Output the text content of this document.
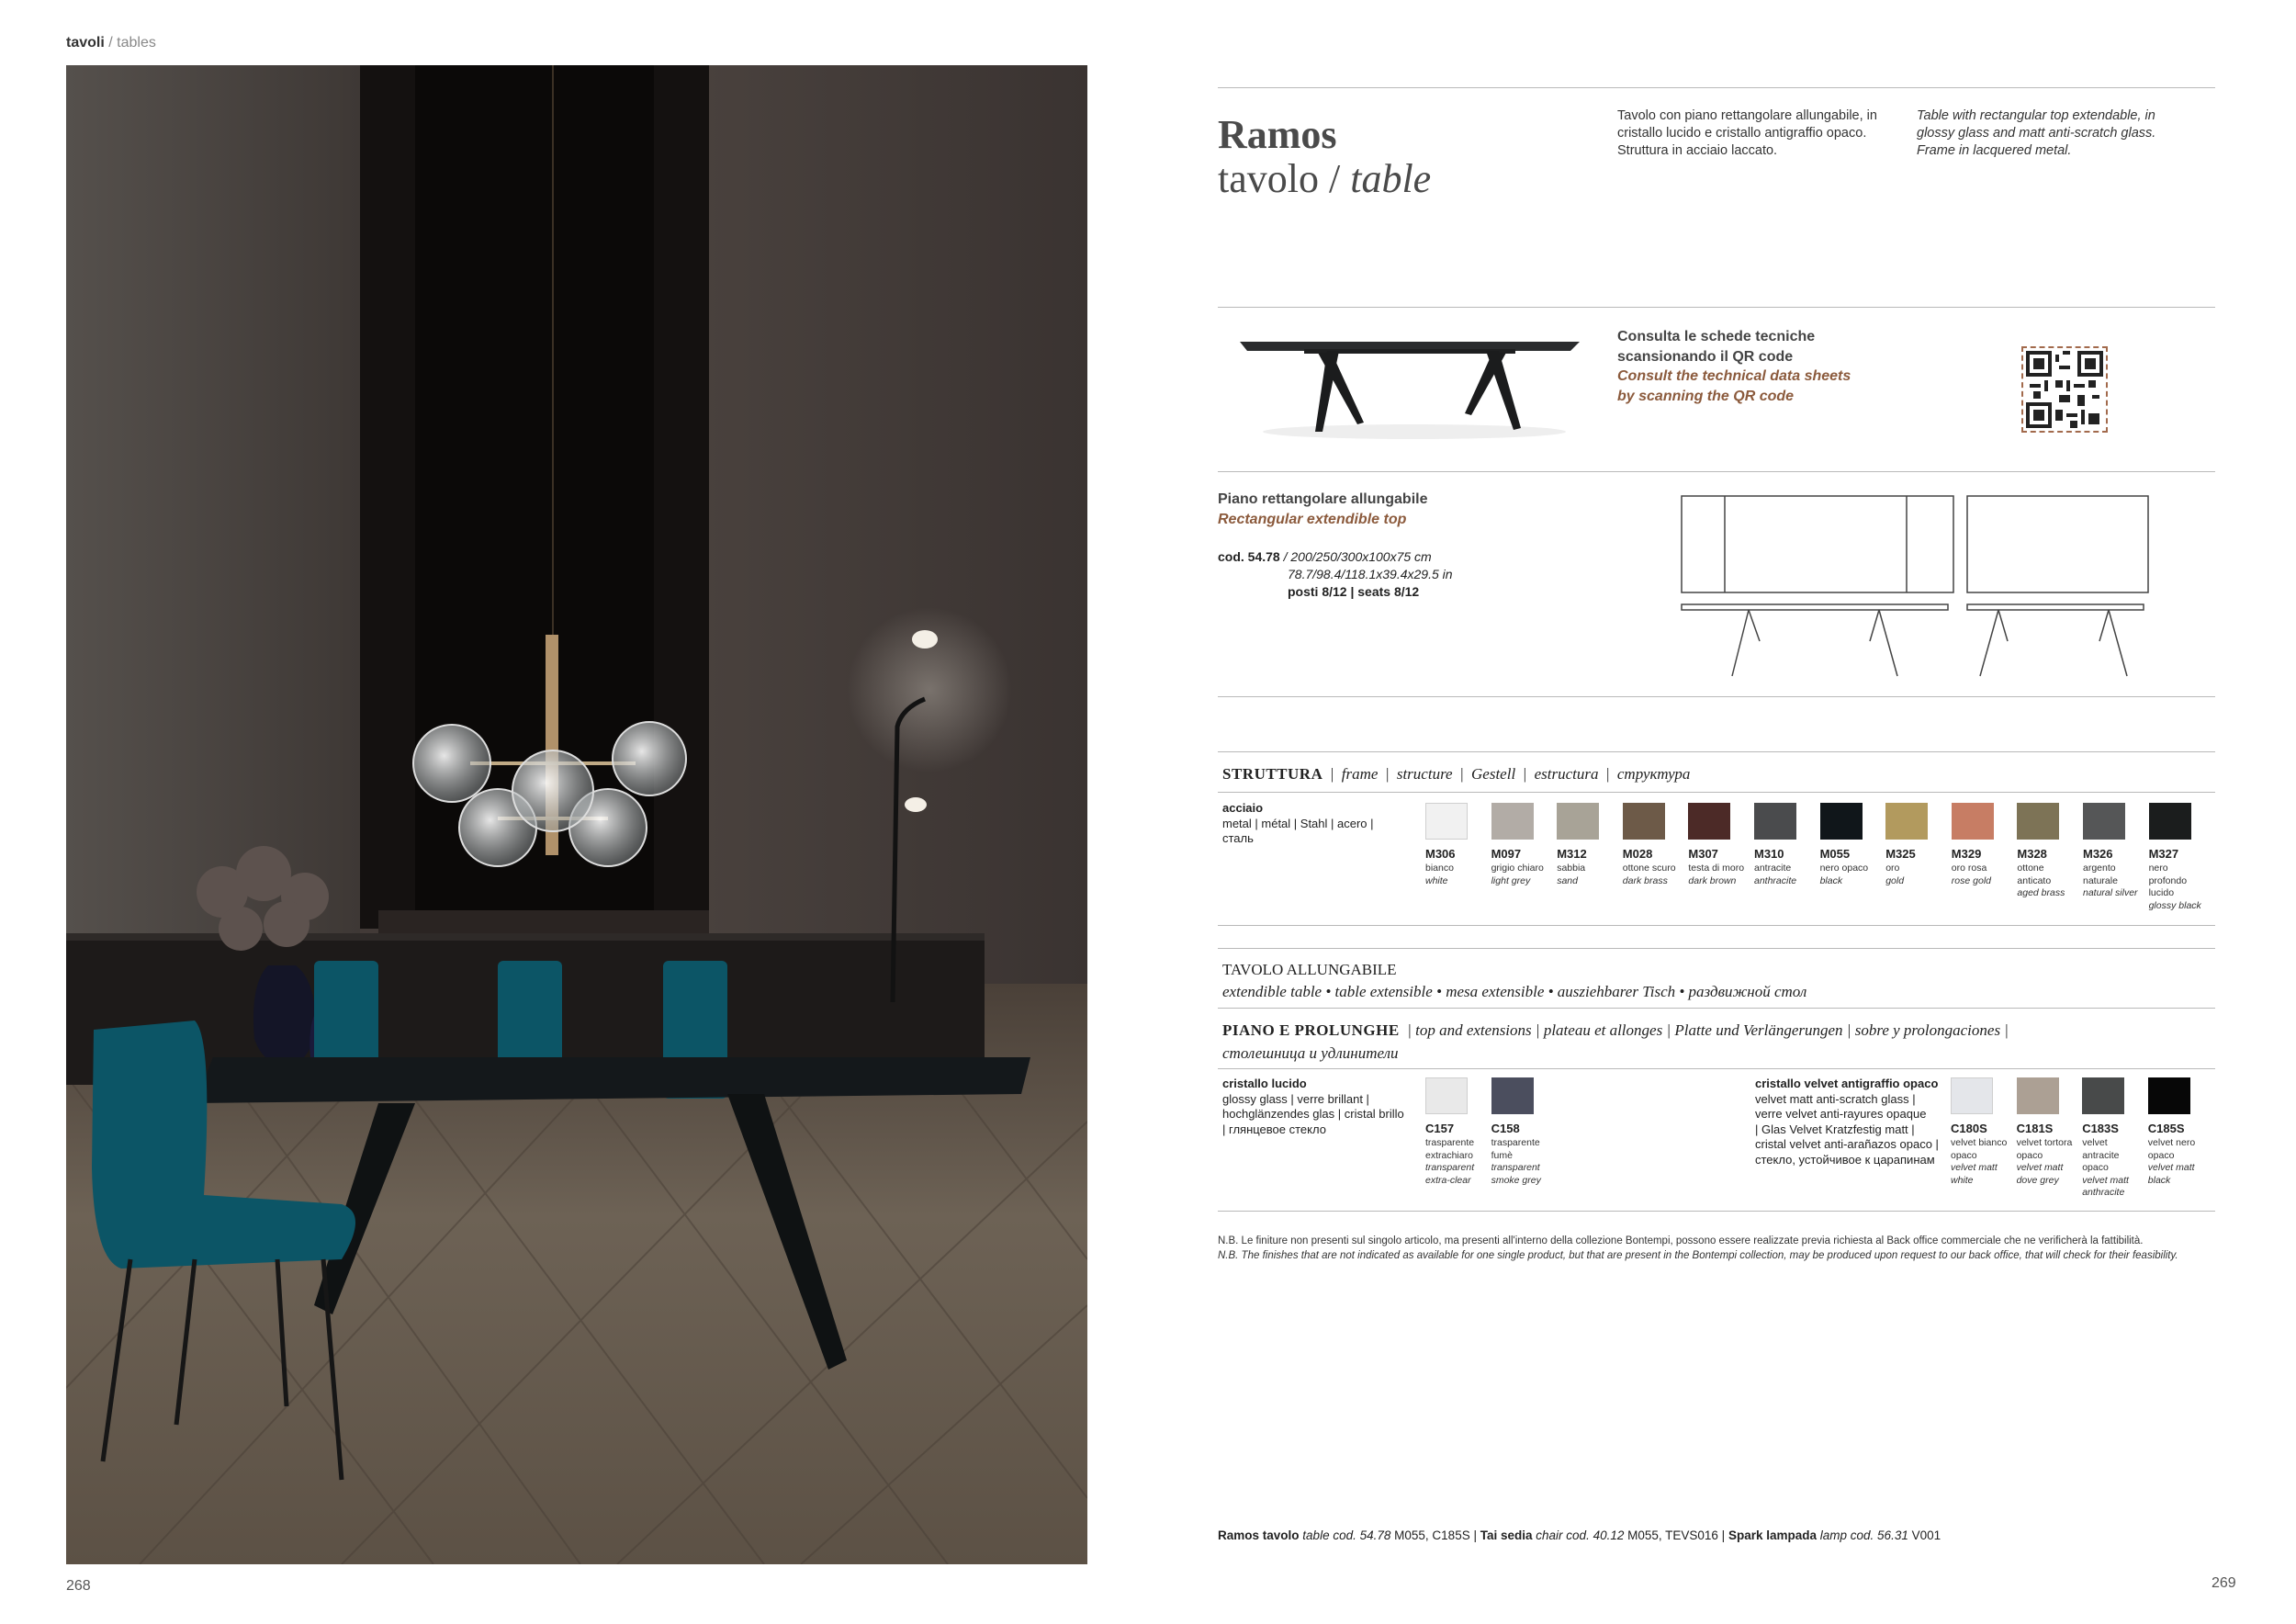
tavoli / tables
268
Ramos
tavolo / table
Tavolo con piano rettangolare allungabile, in cristallo lucido e cristallo antigraffio opaco. Struttura in acciaio laccato.
Table with rectangular top extendable, in glossy glass and matt anti-scratch glass. Frame in lacquered metal.
Consulta le schede tecniche
scansionando il QR code
Consult the technical data sheets
by scanning the QR code
Piano rettangolare allungabile
Rectangular extendible top
cod. 54.78 / 200/250/300x100x75 cm
78.7/98.4/118.1x39.4x29.5 in
posti 8/12 | seats 8/12
STRUTTURA  |  frame  |  structure  |  Gestell  |  estructura  |  структура
acciaio
metal | métal | Stahl | acero |
сталь
M306
bianco
white
M097
grigio chiaro
light grey
M312
sabbia
sand
M028
ottone scuro
dark brass
M307
testa di moro
dark brown
M310
antracite
anthracite
M055
nero opaco
black
M325
oro
gold
M329
oro rosa
rose gold
M328
ottone anticato
aged brass
M326
argento naturale
natural silver
M327
nero profondo lucido
glossy black
TAVOLO ALLUNGABILE
extendible table • table extensible • mesa extensible • ausziehbarer Tisch • раздвижной стол
PIANO E PROLUNGHE | top and extensions | plateau et allonges | Platte und Verlängerungen | sobre y prolongaciones |
столешница и удлинители
cristallo lucido
glossy glass | verre brillant |
hochglänzendes glas | cristal brillo
| глянцевое стекло
cristallo velvet antigraffio opaco
velvet matt anti-scratch glass |
verre velvet anti-rayures opaque
| Glas Velvet Kratzfestig matt |
cristal velvet anti-arañazos opaco |
стекло, устойчивое к царапинам
C157
trasparente extrachiaro
transparent extra-clear
C158
trasparente fumè
transparent smoke grey
C180S
velvet bianco opaco
velvet matt white
C181S
velvet tortora opaco
velvet matt dove grey
C183S
velvet antracite opaco
velvet matt anthracite
C185S
velvet nero opaco
velvet matt black
N.B. Le finiture non presenti sul singolo articolo, ma presenti all'interno della collezione Bontempi, possono essere realizzate previa richiesta al Back office commerciale che ne verificherà la fattibilità.
N.B. The finishes that are not indicated as available for one single product, but that are present in the Bontempi collection, may be produced upon request to our back office, that will check for their feasibility.
Ramos tavolo table cod. 54.78 M055, C185S | Tai sedia chair cod. 40.12 M055, TEVS016 | Spark lampada lamp cod. 56.31 V001
269
